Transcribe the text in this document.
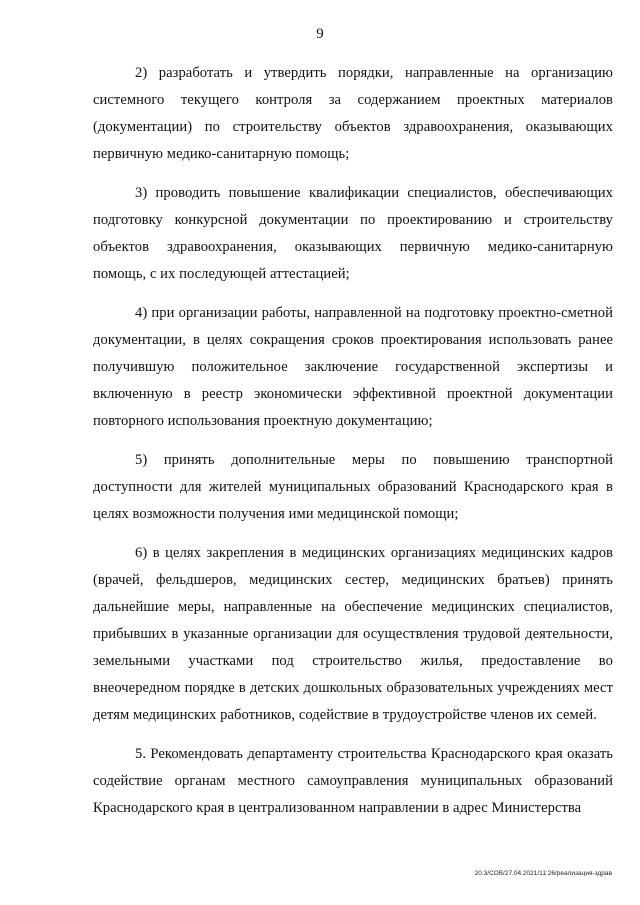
9

2) разработать и утвердить порядки, направленные на организацию системного текущего контроля за содержанием проектных материалов (документации) по строительству объектов здравоохранения, оказывающих первичную медико-санитарную помощь;

3) проводить повышение квалификации специалистов, обеспечивающих подготовку конкурсной документации по проектированию и строительству объектов здравоохранения, оказывающих первичную медико-санитарную помощь, с их последующей аттестацией;

4) при организации работы, направленной на подготовку проектно-сметной документации, в целях сокращения сроков проектирования использовать ранее получившую положительное заключение государственной экспертизы и включенную в реестр экономически эффективной проектной документации повторного использования проектную документацию;

5) принять дополнительные меры по повышению транспортной доступности для жителей муниципальных образований Краснодарского края в целях возможности получения ими медицинской помощи;

6) в целях закрепления в медицинских организациях медицинских кадров (врачей, фельдшеров, медицинских сестер, медицинских братьев) принять дальнейшие меры, направленные на обеспечение медицинских специалистов, прибывших в указанные организации для осуществления трудовой деятельности, земельными участками под строительство жилья, предоставление во внеочередном порядке в детских дошкольных образовательных учреждениях мест детям медицинских работников, содействие в трудоустройстве членов их семей.

5. Рекомендовать департаменту строительства Краснодарского края оказать содействие органам местного самоуправления муниципальных образований Краснодарского края в централизованном направлении в адрес Министерства

20.3/СОВ/27.04.2021/11:26/реализация-здрав
